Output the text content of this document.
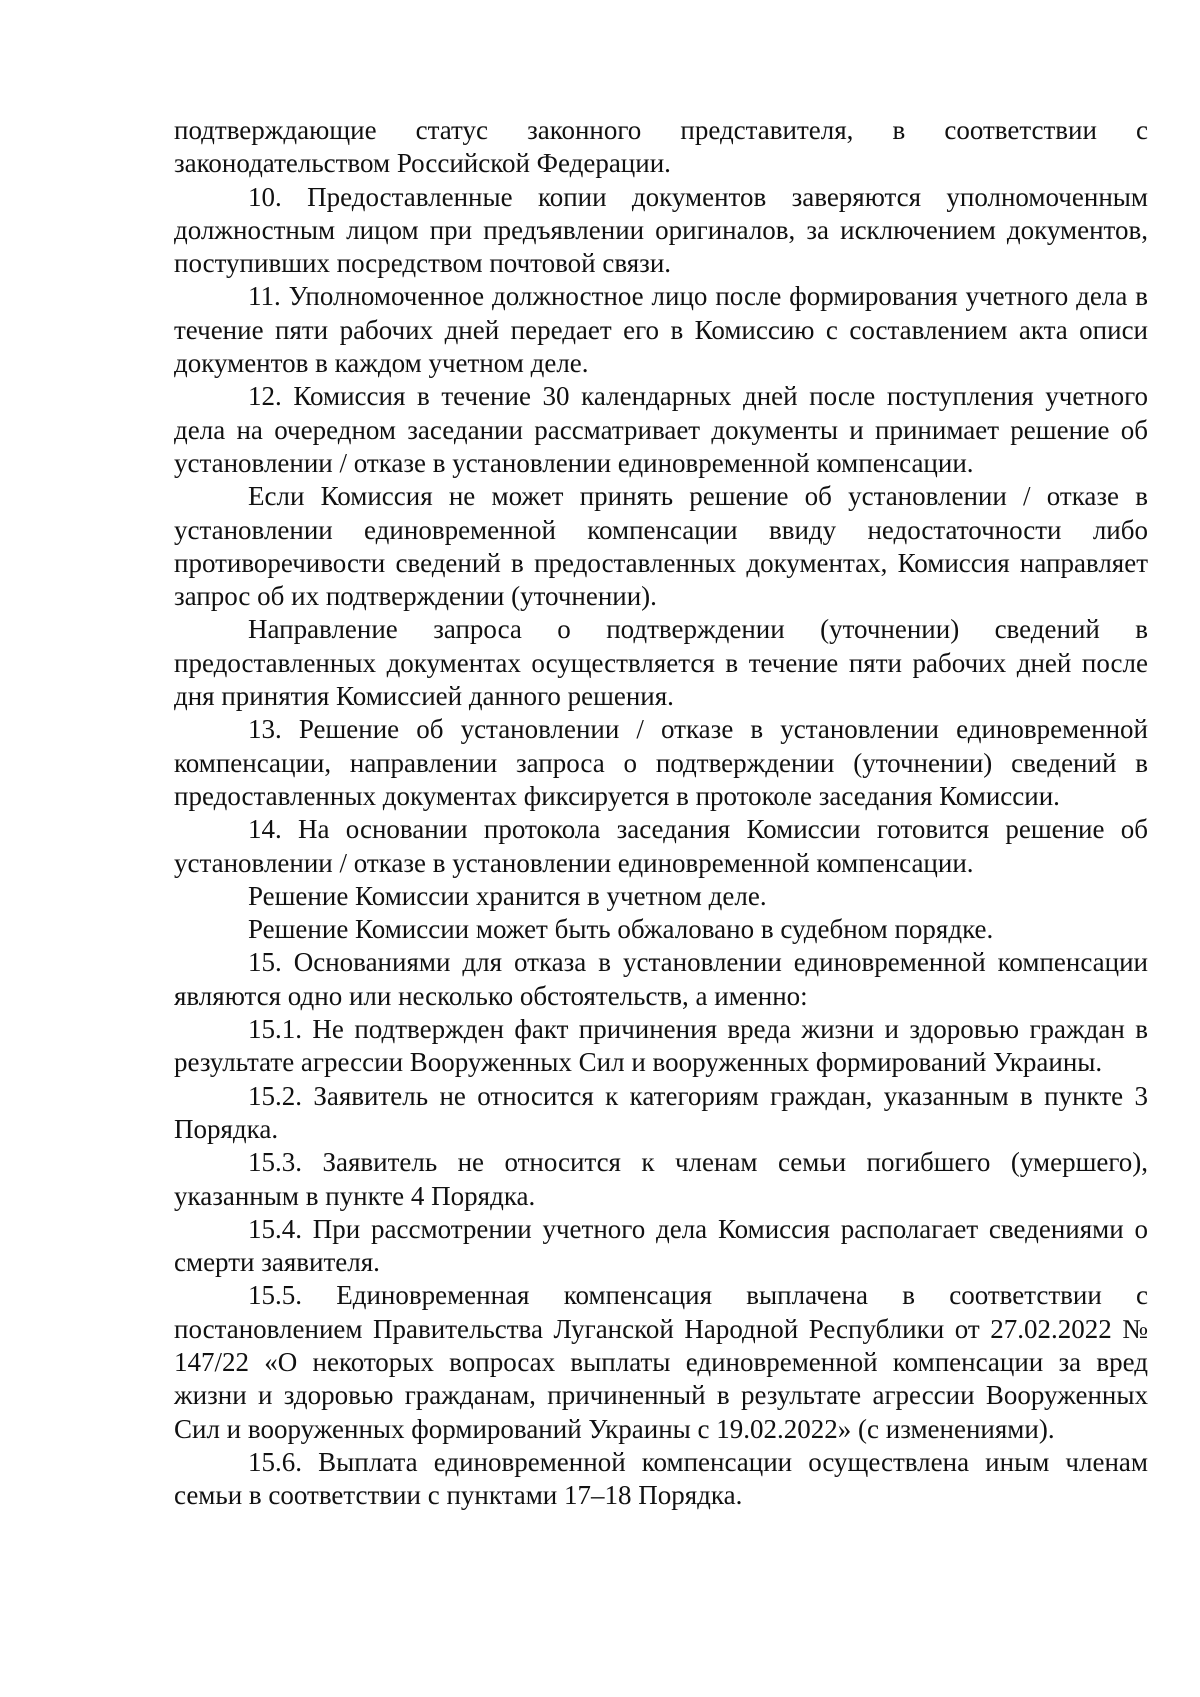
подтверждающие статус законного представителя, в соответствии с законодательством Российской Федерации.

10. Предоставленные копии документов заверяются уполномоченным должностным лицом при предъявлении оригиналов, за исключением документов, поступивших посредством почтовой связи.

11. Уполномоченное должностное лицо после формирования учетного дела в течение пяти рабочих дней передает его в Комиссию с составлением акта описи документов в каждом учетном деле.

12. Комиссия в течение 30 календарных дней после поступления учетного дела на очередном заседании рассматривает документы и принимает решение об установлении / отказе в установлении единовременной компенсации.

Если Комиссия не может принять решение об установлении / отказе в установлении единовременной компенсации ввиду недостаточности либо противоречивости сведений в предоставленных документах, Комиссия направляет запрос об их подтверждении (уточнении).

Направление запроса о подтверждении (уточнении) сведений в предоставленных документах осуществляется в течение пяти рабочих дней после дня принятия Комиссией данного решения.

13. Решение об установлении / отказе в установлении единовременной компенсации, направлении запроса о подтверждении (уточнении) сведений в предоставленных документах фиксируется в протоколе заседания Комиссии.

14. На основании протокола заседания Комиссии готовится решение об установлении / отказе в установлении единовременной компенсации.

Решение Комиссии хранится в учетном деле.

Решение Комиссии может быть обжаловано в судебном порядке.

15. Основаниями для отказа в установлении единовременной компенсации являются одно или несколько обстоятельств, а именно:

15.1. Не подтвержден факт причинения вреда жизни и здоровью граждан в результате агрессии Вооруженных Сил и вооруженных формирований Украины.

15.2. Заявитель не относится к категориям граждан, указанным в пункте 3 Порядка.

15.3. Заявитель не относится к членам семьи погибшего (умершего), указанным в пункте 4 Порядка.

15.4. При рассмотрении учетного дела Комиссия располагает сведениями о смерти заявителя.

15.5. Единовременная компенсация выплачена в соответствии с постановлением Правительства Луганской Народной Республики от 27.02.2022 № 147/22 «О некоторых вопросах выплаты единовременной компенсации за вред жизни и здоровью гражданам, причиненный в результате агрессии Вооруженных Сил и вооруженных формирований Украины с 19.02.2022» (с изменениями).

15.6. Выплата единовременной компенсации осуществлена иным членам семьи в соответствии с пунктами 17–18 Порядка.
